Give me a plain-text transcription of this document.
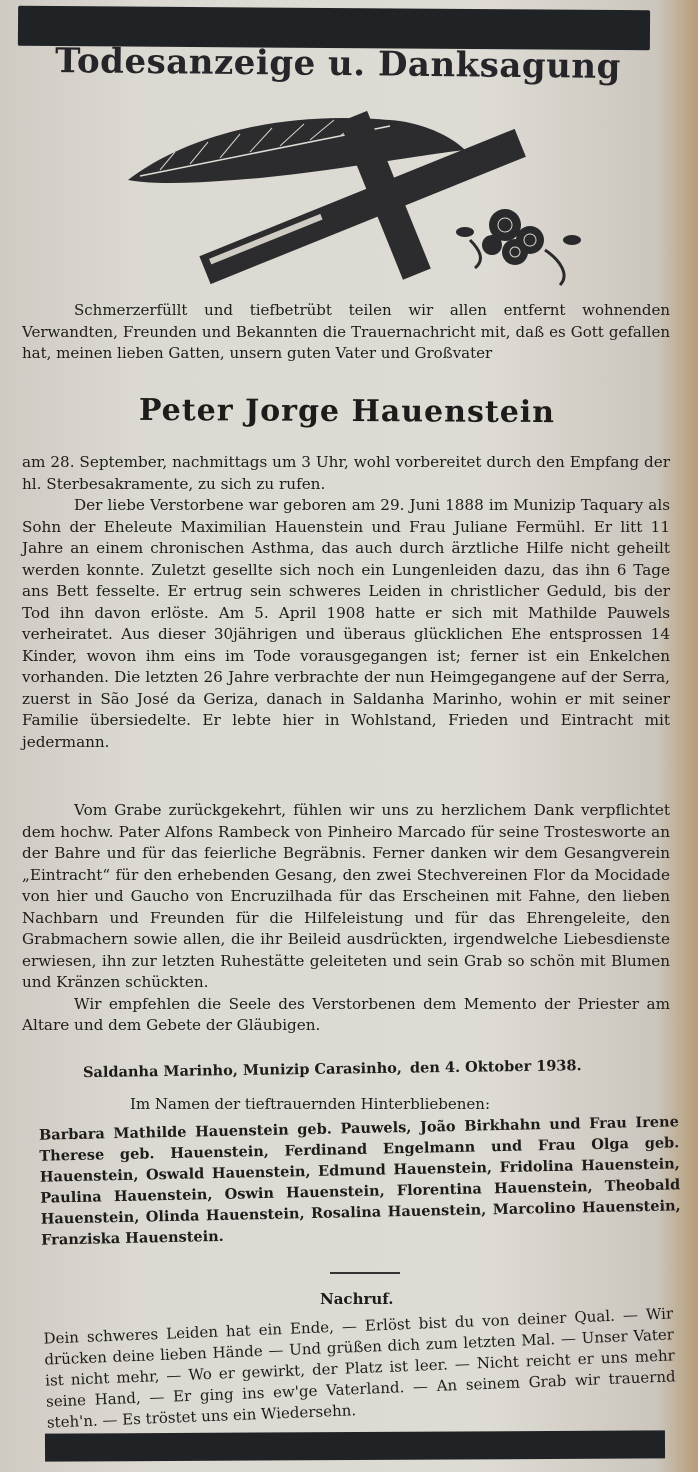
Todesanzeige u. Danksagung
Schmerzerfüllt und tiefbetrübt teilen wir allen entfernt wohnenden Verwandten, Freunden und Bekannten die Trauernachricht mit, daß es Gott gefallen hat, meinen lieben Gatten, unsern guten Vater und Großvater
Peter Jorge Hauenstein

am 28. September, nachmittags um 3 Uhr, wohl vorbereitet durch den Empfang der hl. Sterbesakramente, zu sich zu rufen.

Der liebe Verstorbene war geboren am 29. Juni 1888 im Munizip Taquary als Sohn der Eheleute Maximilian Hauenstein und Frau Juliane Fermühl. Er litt 11 Jahre an einem chronischen Asthma, das auch durch ärztliche Hilfe nicht geheilt werden konnte. Zuletzt gesellte sich noch ein Lungenleiden dazu, das ihn 6 Tage ans Bett fesselte. Er ertrug sein schweres Leiden in christlicher Geduld, bis der Tod ihn davon erlöste. Am 5. April 1908 hatte er sich mit Mathilde Pauwels verheiratet. Aus dieser 30jährigen und überaus glücklichen Ehe entsprossen 14 Kinder, wovon ihm eins im Tode vorausgegangen ist; ferner ist ein Enkelchen vorhanden. Die letzten 26 Jahre verbrachte der nun Heimgegangene auf der Serra, zuerst in São José da Geriza, danach in Saldanha Marinho, wohin er mit seiner Familie übersiedelte. Er lebte hier in Wohlstand, Frieden und Eintracht mit jedermann.

Vom Grabe zurückgekehrt, fühlen wir uns zu herzlichem Dank verpflichtet dem hochw. Pater Alfons Rambeck von Pinheiro Marcado für seine Trostesworte an der Bahre und für das feierliche Begräbnis. Ferner danken wir dem Gesangverein „Eintracht“ für den erhebenden Gesang, den zwei Stechvereinen Flor da Mocidade von hier und Gaucho von Encruzilhada für das Erscheinen mit Fahne, den lieben Nachbarn und Freunden für die Hilfeleistung und für das Ehrengeleite, den Grabmachern sowie allen, die ihr Beileid ausdrückten, irgendwelche Liebesdienste erwiesen, ihn zur letzten Ruhestätte geleiteten und sein Grab so schön mit Blumen und Kränzen schückten.

Wir empfehlen die Seele des Verstorbenen dem Memento der Priester am Altare und dem Gebete der Gläubigen.

Saldanha Marinho, Munizip Carasinho, den 4. Oktober 1938.
Im Namen der tieftrauernden Hinterbliebenen:
Barbara Mathilde Hauenstein geb. Pauwels, João Birkhahn und Frau Irene Therese geb. Hauenstein, Ferdinand Engelmann und Frau Olga geb. Hauenstein, Oswald Hauenstein, Edmund Hauenstein, Fridolina Hauenstein, Paulina Hauenstein, Oswin Hauenstein, Florentina Hauenstein, Theobald Hauenstein, Olinda Hauenstein, Rosalina Hauenstein, Marcolino Hauenstein, Franziska Hauenstein.
Nachruf.
Dein schweres Leiden hat ein Ende, — Erlöst bist du von deiner Qual. — Wir drücken deine lieben Hände — Und grüßen dich zum letzten Mal. — Unser Vater ist nicht mehr, — Wo er gewirkt, der Platz ist leer. — Nicht reicht er uns mehr seine Hand, — Er ging ins ew'ge Vaterland. — An seinem Grab wir trauernd steh'n. — Es tröstet uns ein Wiedersehn.
